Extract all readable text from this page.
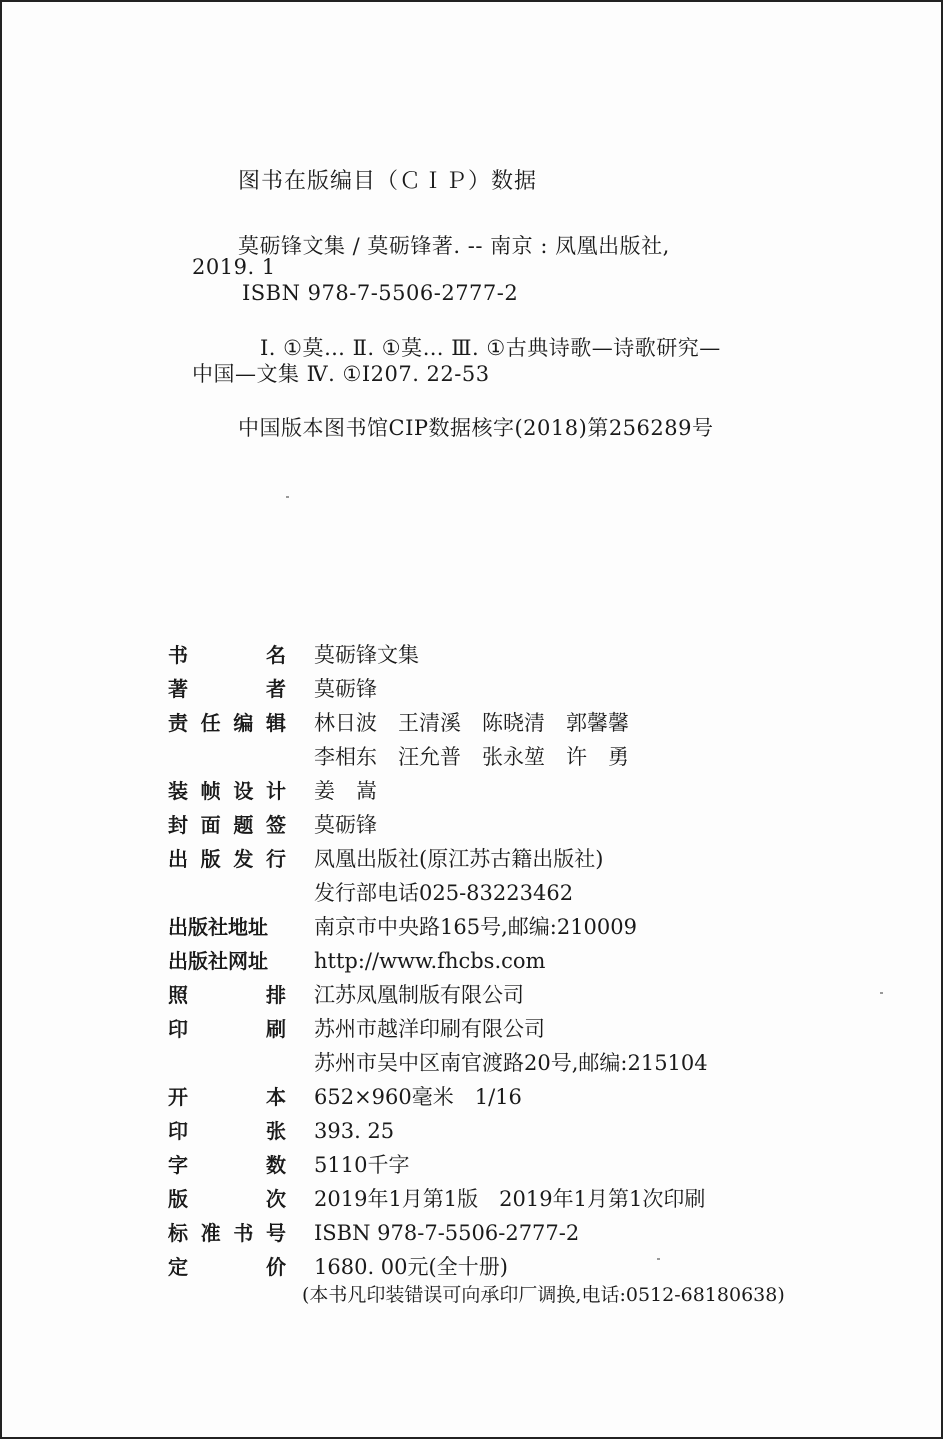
图书在版编目（ＣＩＰ）数据
莫砺锋文集 / 莫砺锋著. -- 南京 : 凤凰出版社,
2019. 1
ISBN 978-7-5506-2777-2
Ⅰ. ①莫… Ⅱ. ①莫… Ⅲ. ①古典诗歌—诗歌研究—
中国—文集 Ⅳ. ①I207. 22-53
中国版本图书馆CIP数据核字(2018)第256289号
书	名 莫砺锋文集
著	者 莫砺锋
责 任 编 辑 林日波　王清溪　陈晓清　郭馨馨
李相东　汪允普　张永堃　许　勇
装 帧 设 计 姜　嵩
封 面 题 签 莫砺锋
出 版 发 行 凤凰出版社(原江苏古籍出版社)
发行部电话025-83223462
出版社地址 南京市中央路165号,邮编:210009
出版社网址 http://www.fhcbs.com
照	排 江苏凤凰制版有限公司
印	刷 苏州市越洋印刷有限公司
苏州市吴中区南官渡路20号,邮编:215104
开	本 652×960毫米　1/16
印	张 393. 25
字	数 5110千字
版	次 2019年1月第1版　2019年1月第1次印刷
标 准 书 号 ISBN 978-7-5506-2777-2
定	价 1680. 00元(全十册)
(本书凡印装错误可向承印厂调换,电话:0512-68180638)
